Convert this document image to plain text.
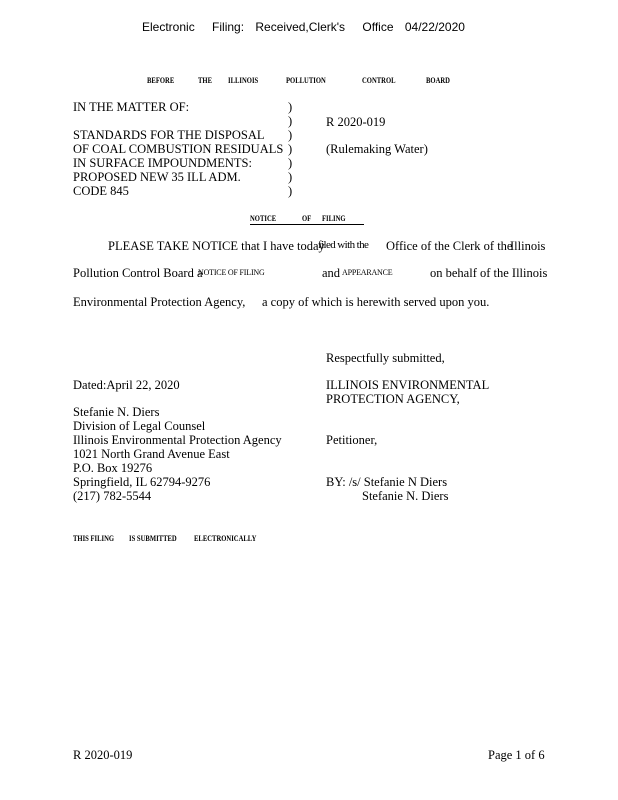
Electronic Filing: Received,Clerk's Office 04/22/2020
BEFORE	THE ILLINOIS	POLLUTION	CONTROL	BOARD
IN THE MATTER OF:
STANDARDS FOR THE DISPOSAL
OF COAL COMBUSTION RESIDUALS
IN SURFACE IMPOUNDMENTS:
PROPOSED NEW 35 ILL ADM.
CODE 845
)
)
)
)
)
)
)
R 2020-019
(Rulemaking Water)
NOTICE	OF FILING
PLEASE TAKE NOTICE that I have today
filed with the Office of the Clerk of the
Illinois
Pollution Control Board a
NOTICE OF FILING	and APPEARANCE	on behalf of the Illinois
Environmental Protection Agency, a copy of which is herewith served upon you.
Respectfully submitted,
Dated:April 22, 2020	ILLINOIS ENVIRONMENTAL
PROTECTION AGENCY,
Petitioner,
BY: /s/ Stefanie N Diers
Stefanie N. Diers
Stefanie N. Diers
Division of Legal Counsel
Illinois Environmental Protection Agency
1021 North Grand Avenue East
P.O. Box 19276
Springfield, IL 62794-9276
(217) 782-5544
THIS FILING IS SUBMITTED ELECTRONICALLY
R 2020-019	Page 1 of 6
